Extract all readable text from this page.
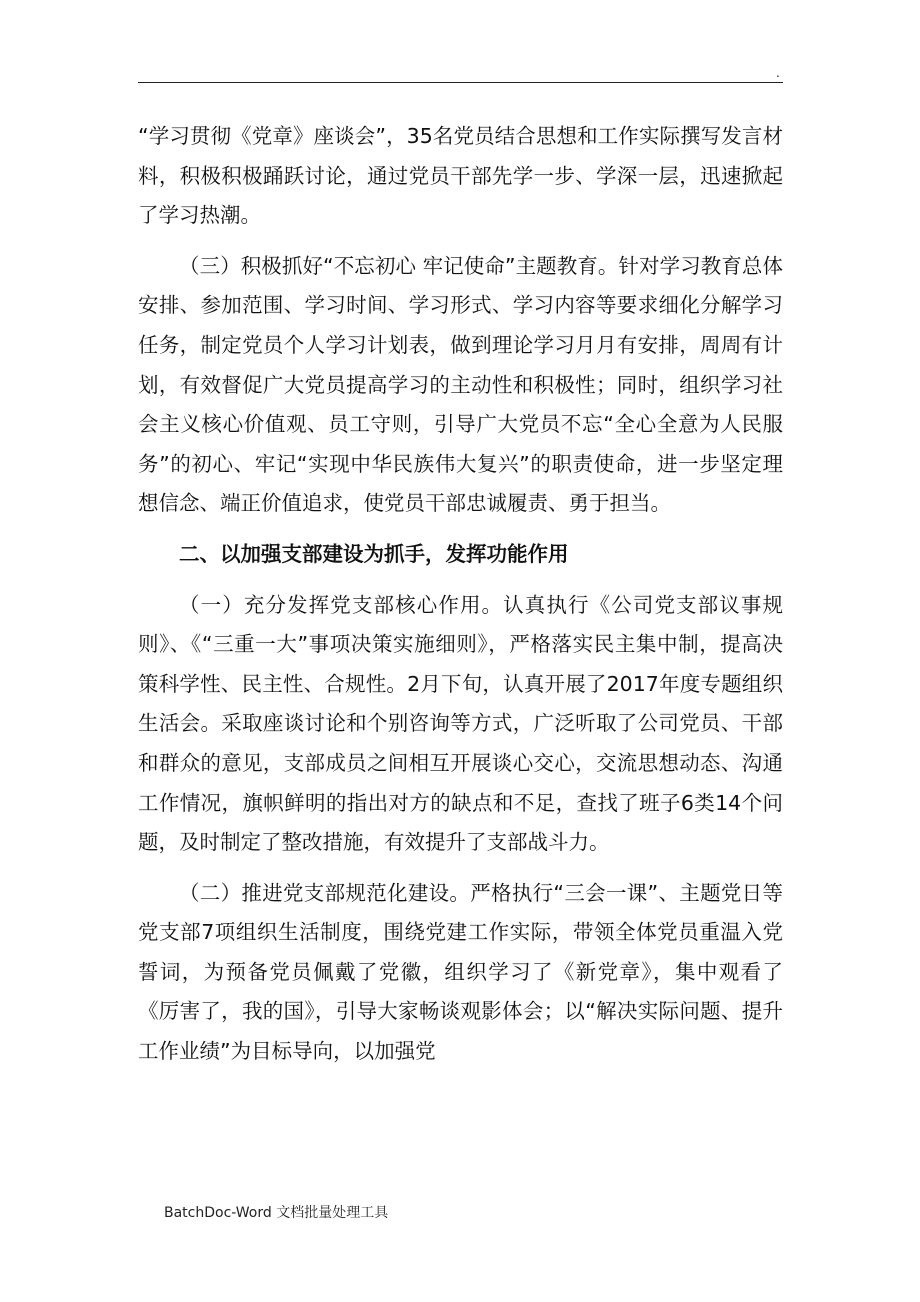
.

“学习贯彻《党章》座谈会”，35名党员结合思想和工作实际撰写发言材料，积极积极踊跃讨论，通过党员干部先学一步、学深一层，迅速掀起了学习热潮。

（三）积极抓好“不忘初心 牢记使命”主题教育。针对学习教育总体安排、参加范围、学习时间、学习形式、学习内容等要求细化分解学习任务，制定党员个人学习计划表，做到理论学习月月有安排，周周有计划，有效督促广大党员提高学习的主动性和积极性；同时，组织学习社会主义核心价值观、员工守则，引导广大党员不忘“全心全意为人民服务”的初心、牢记“实现中华民族伟大复兴”的职责使命，进一步坚定理想信念、端正价值追求，使党员干部忠诚履责、勇于担当。

二、以加强支部建设为抓手，发挥功能作用

（一）充分发挥党支部核心作用。认真执行《公司党支部议事规则》、《“三重一大”事项决策实施细则》，严格落实民主集中制，提高决策科学性、民主性、合规性。2月下旬，认真开展了2017年度专题组织生活会。采取座谈讨论和个别咨询等方式，广泛听取了公司党员、干部和群众的意见，支部成员之间相互开展谈心交心，交流思想动态、沟通工作情况，旗帜鲜明的指出对方的缺点和不足，查找了班子6类14个问题，及时制定了整改措施，有效提升了支部战斗力。

（二）推进党支部规范化建设。严格执行“三会一课”、主题党日等党支部7项组织生活制度，围绕党建工作实际，带领全体党员重温入党誓词，为预备党员佩戴了党徽，组织学习了《新党章》，集中观看了《厉害了，我的国》，引导大家畅谈观影体会；以“解决实际问题、提升工作业绩”为目标导向，以加强党

BatchDoc-Word 文档批量处理工具
